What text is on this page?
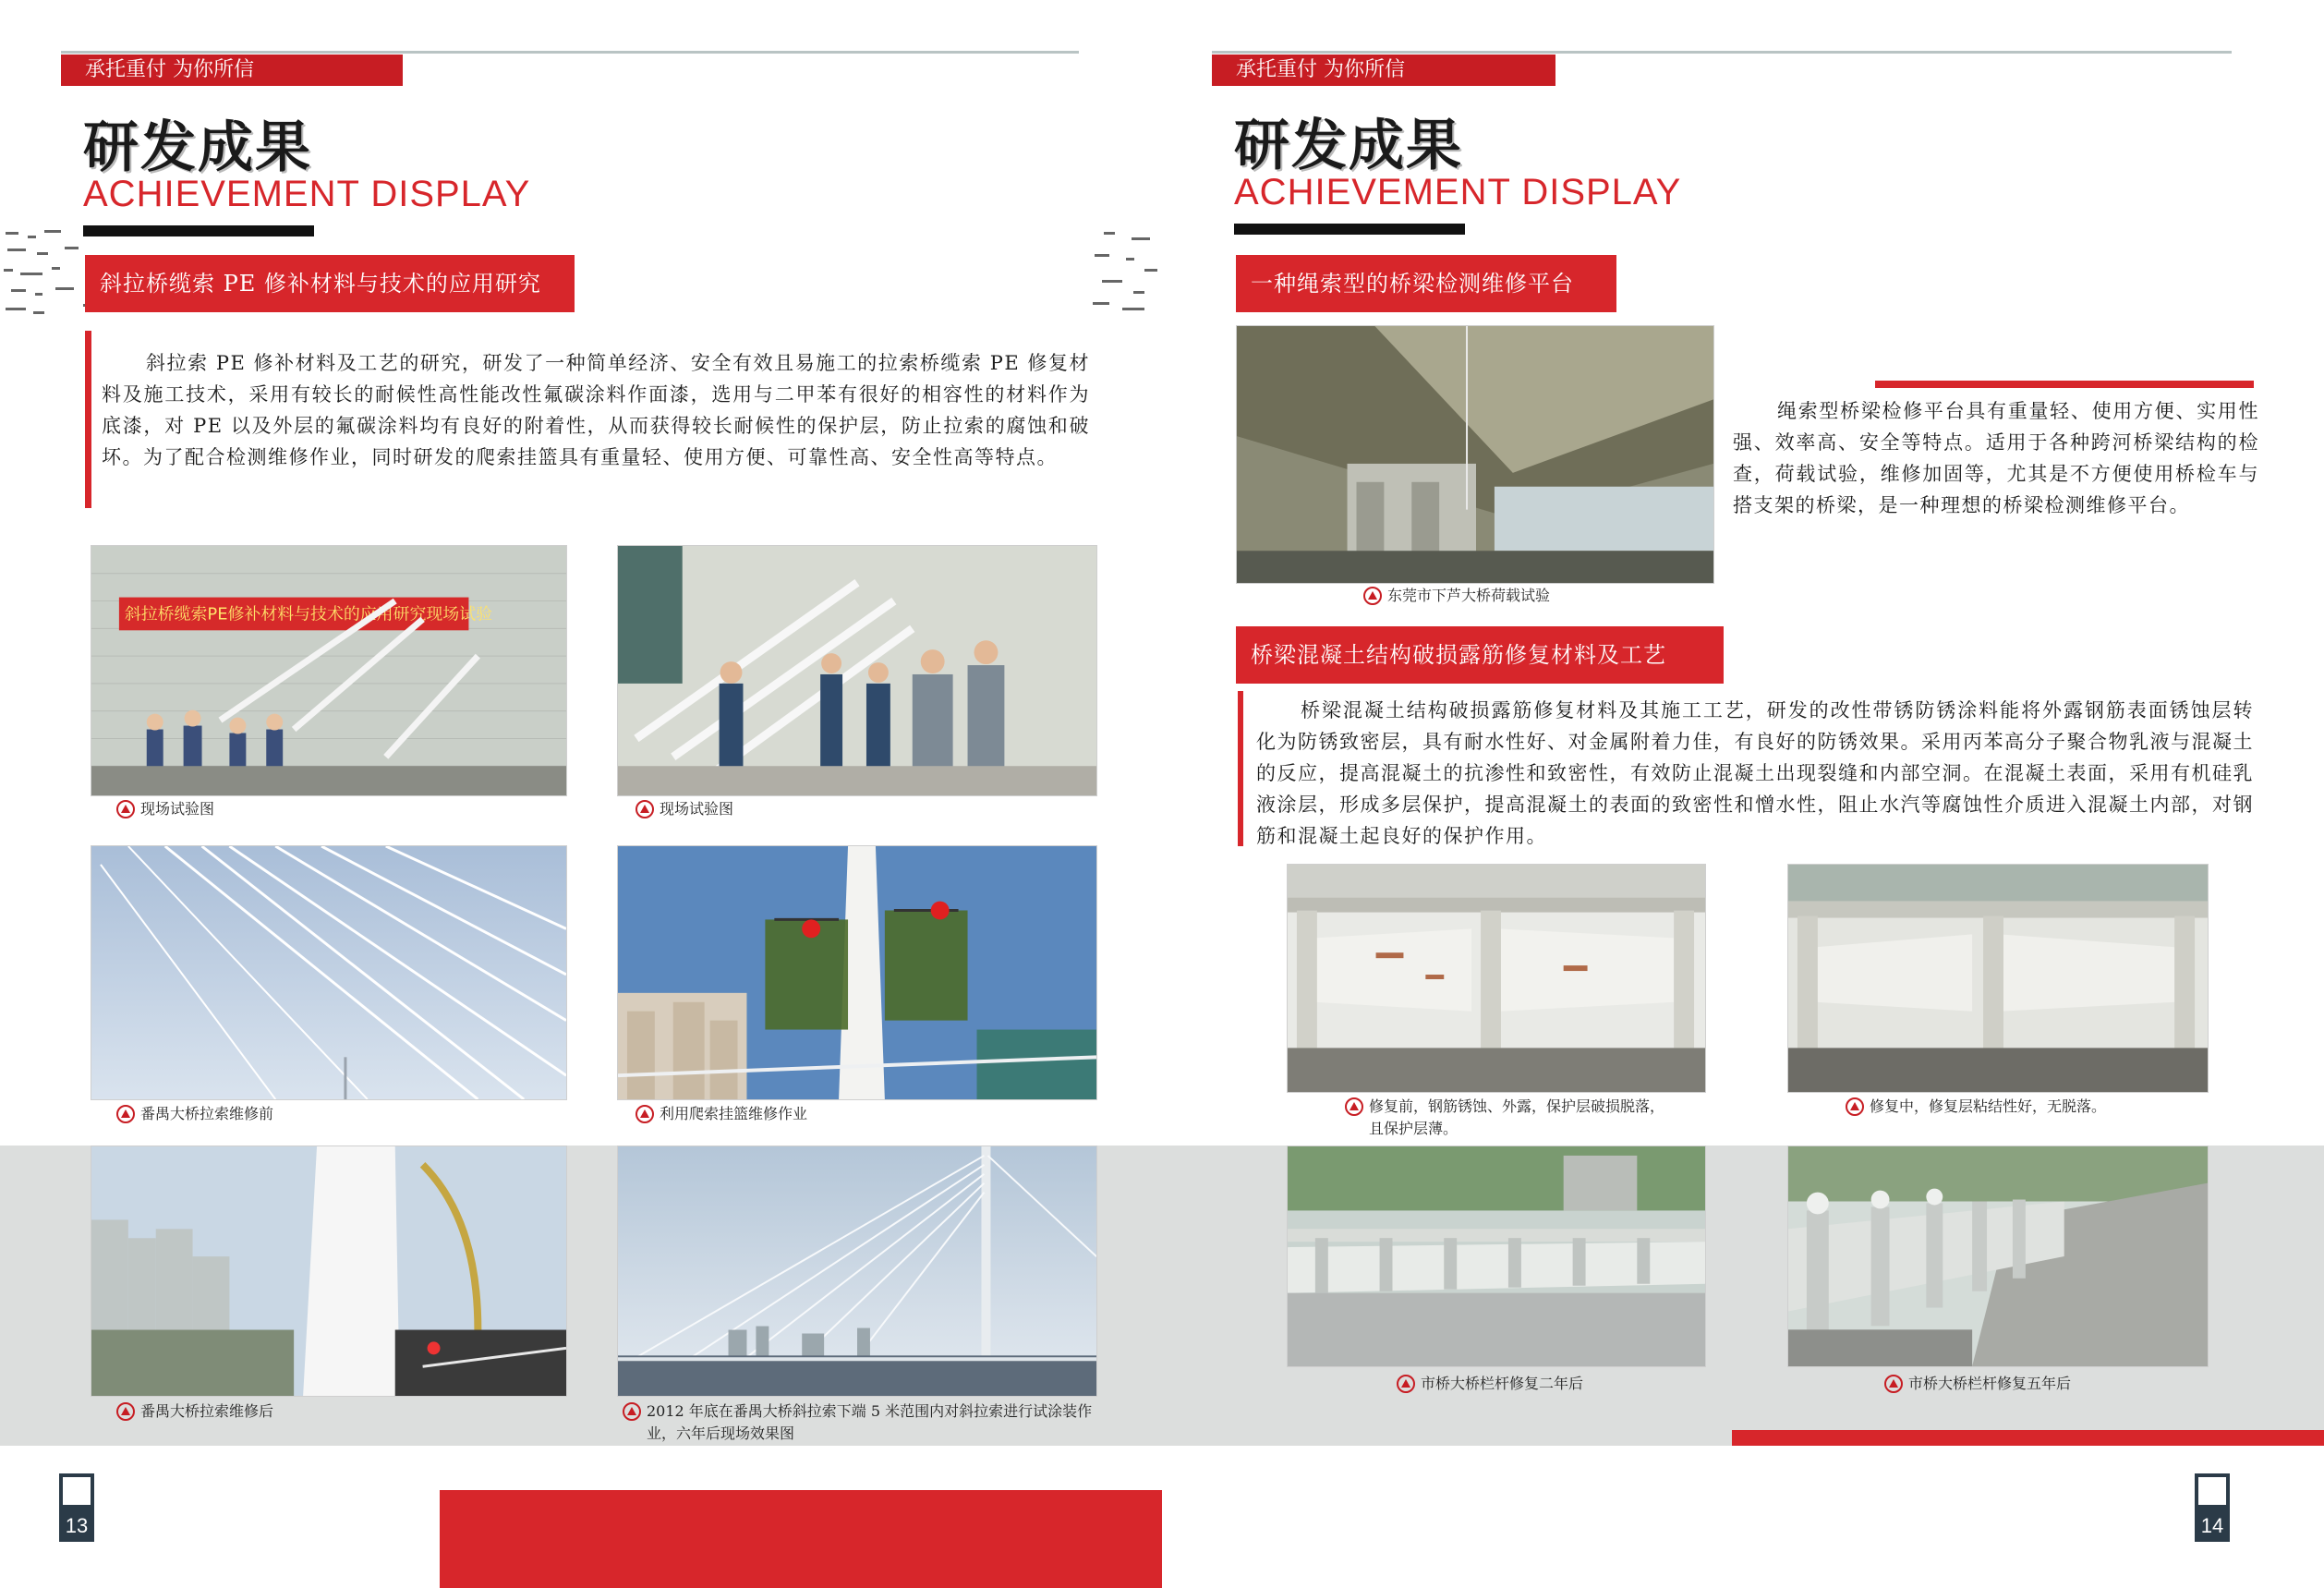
承托重付 为你所信
研发成果
ACHIEVEMENT DISPLAY
斜拉桥缆索 PE 修补材料与技术的应用研究
斜拉索 PE 修补材料及工艺的研究，研发了一种简单经济、安全有效且易施工的拉索桥缆索 PE 修复材料及施工技术，采用有较长的耐候性高性能改性氟碳涂料作面漆，选用与二甲苯有很好的相容性的材料作为底漆，对 PE 以及外层的氟碳涂料均有良好的附着性，从而获得较长耐候性的保护层，防止拉索的腐蚀和破坏。为了配合检测维修作业，同时研发的爬索挂篮具有重量轻、使用方便、可靠性高、安全性高等特点。
斜拉桥缆索PE修补材料与技术的应用研究现场试验
现场试验图	现场试验图
番禺大桥拉索维修前	利用爬索挂篮维修作业
番禺大桥拉索维修后	2012 年底在番禺大桥斜拉索下端 5 米范围内对斜拉索进行试涂装作业，六年后现场效果图
13
承托重付 为你所信
研发成果
ACHIEVEMENT DISPLAY
一种绳索型的桥梁检测维修平台
东莞市下芦大桥荷载试验
绳索型桥梁检修平台具有重量轻、使用方便、实用性强、效率高、安全等特点。适用于各种跨河桥梁结构的检查，荷载试验，维修加固等，尤其是不方便使用桥检车与搭支架的桥梁，是一种理想的桥梁检测维修平台。
桥梁混凝土结构破损露筋修复材料及工艺
桥梁混凝土结构破损露筋修复材料及其施工工艺，研发的改性带锈防锈涂料能将外露钢筋表面锈蚀层转化为防锈致密层，具有耐水性好、对金属附着力佳，有良好的防锈效果。采用丙苯高分子聚合物乳液与混凝土的反应，提高混凝土的抗渗性和致密性，有效防止混凝土出现裂缝和内部空洞。在混凝土表面，采用有机硅乳液涂层，形成多层保护，提高混凝土的表面的致密性和憎水性，阻止水汽等腐蚀性介质进入混凝土内部，对钢筋和混凝土起良好的保护作用。
修复前，钢筋锈蚀、外露，保护层破损脱落，且保护层薄。
修复中，修复层粘结性好，无脱落。
市桥大桥栏杆修复二年后	市桥大桥栏杆修复五年后
14
